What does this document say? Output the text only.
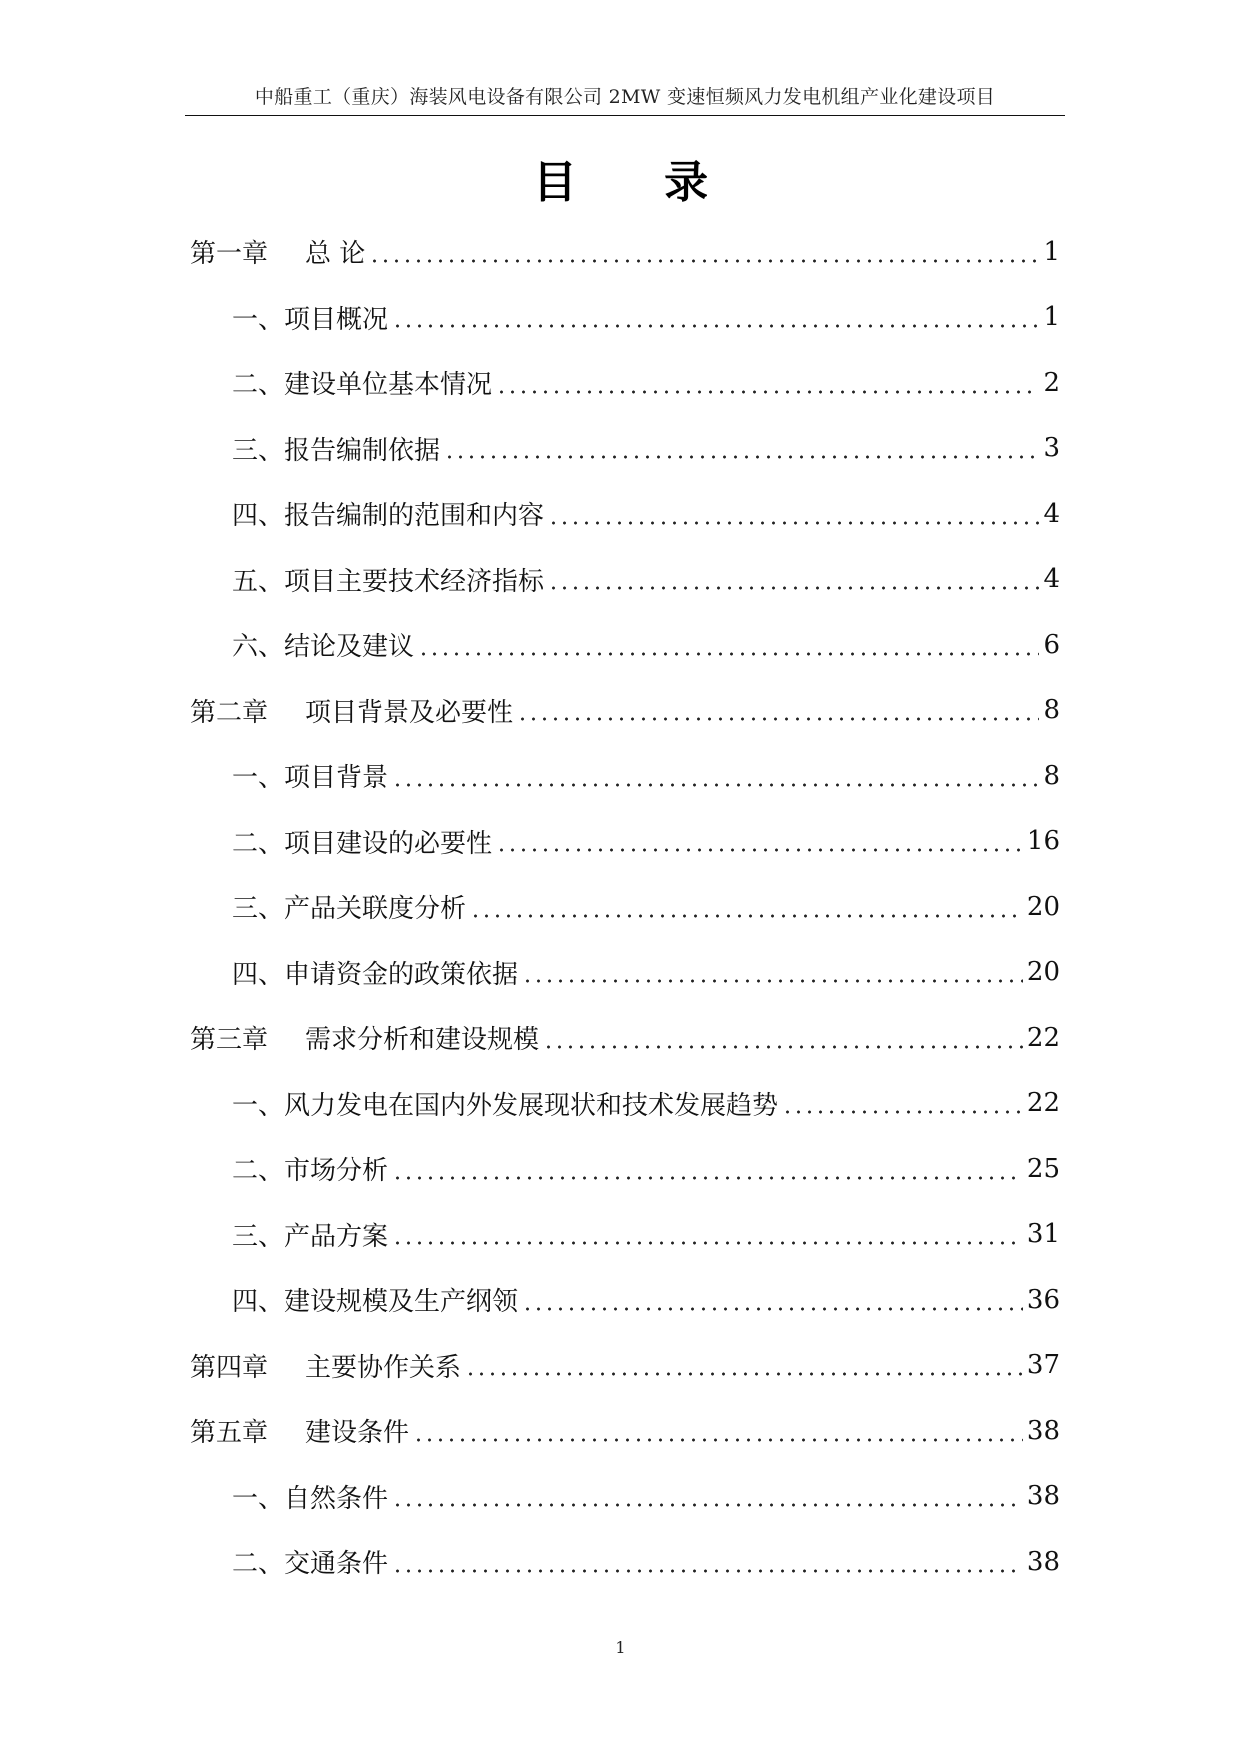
中船重工（重庆）海装风电设备有限公司 2MW 变速恒频风力发电机组产业化建设项目
目 录
第一章	总 论	1
一、 项目概况	1
二、 建设单位基本情况	2
三、 报告编制依据	3
四、 报告编制的范围和内容	4
五、 项目主要技术经济指标	4
六、 结论及建议	6
第二章	项目背景及必要性	8
一、 项目背景	8
二、 项目建设的必要性	16
三、 产品关联度分析	20
四、 申请资金的政策依据	20
第三章	需求分析和建设规模	22
一、 风力发电在国内外发展现状和技术发展趋势	22
二、 市场分析	25
三、 产品方案	31
四、 建设规模及生产纲领	36
第四章	主要协作关系	37
第五章	建设条件	38
一、 自然条件	38
二、 交通条件	38
1
